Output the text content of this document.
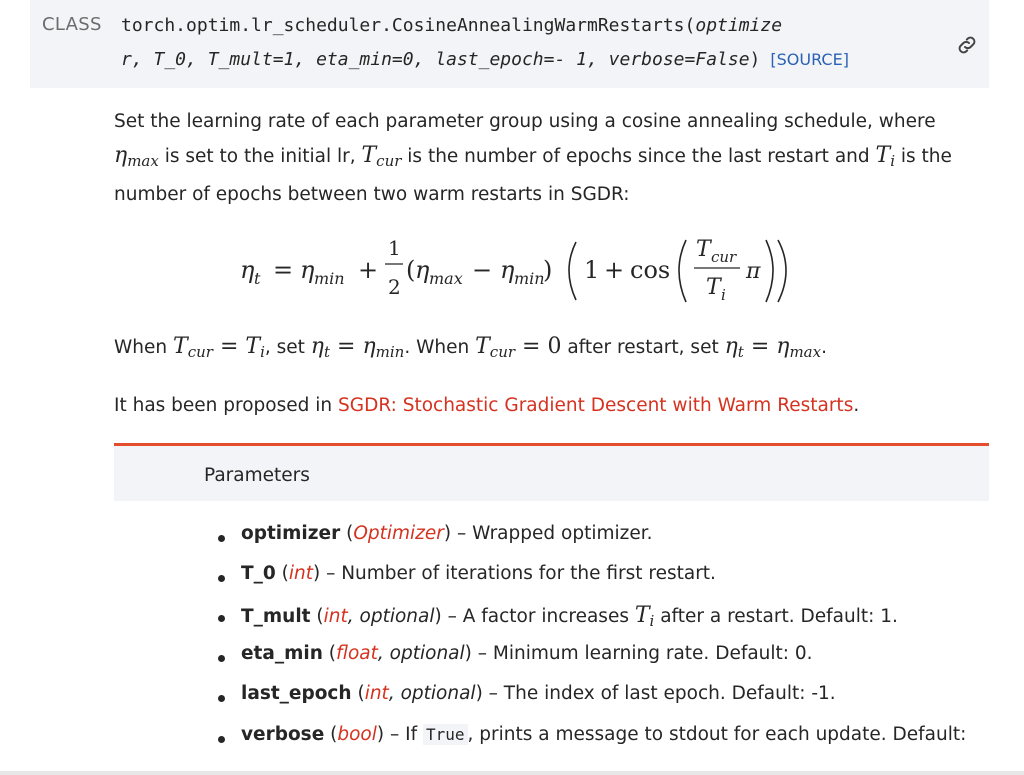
CLASS torch.optim.lr_scheduler.CosineAnnealingWarmRestarts(optimize
r, T_0, T_mult=1, eta_min=0, last_epoch=- 1, verbose=False) [SOURCE]
Set the learning rate of each parameter group using a cosine annealing schedule, where $\eta_{max}$ is set to the initial lr, $T_{cur}$ is the number of epochs since the last restart and $T_i$ is the number of epochs between two warm restarts in SGDR:
η t = η min +
1
2
( η max − η min
) 1 + cos
T cur
T i
π
When $T_{cur} = T_i$, set $\eta_t = \eta_{min}$. When $T_{cur} = 0$ after restart, set $\eta_t = \eta_{max}$.
It has been proposed in SGDR: Stochastic Gradient Descent with Warm Restarts.
Parameters
optimizer (Optimizer) – Wrapped optimizer.
T_0 (int) – Number of iterations for the first restart.
T_mult (int, optional) – A factor increases $T_i$ after a restart. Default: 1.
eta_min (float, optional) – Minimum learning rate. Default: 0.
last_epoch (int, optional) – The index of last epoch. Default: -1.
verbose (bool) – If True , prints a message to stdout for each update. Default:
